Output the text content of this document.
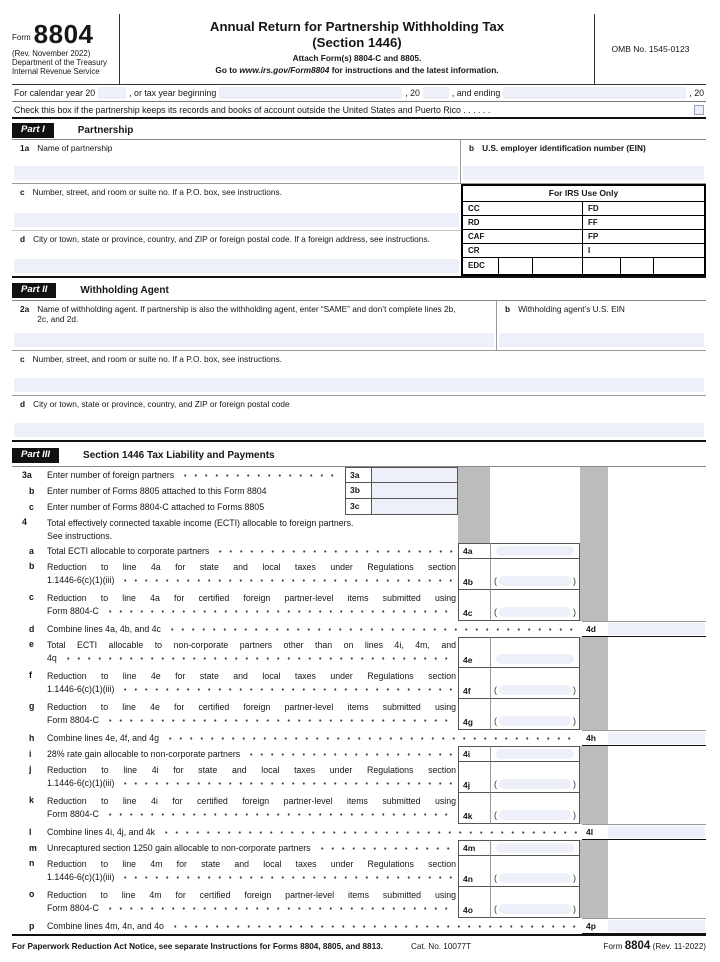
Form 8804
(Rev. November 2022)
Department of the Treasury
Internal Revenue Service
Annual Return for Partnership Withholding Tax
(Section 1446)
Attach Form(s) 8804-C and 8805.
Go to www.irs.gov/Form8804 for instructions and the latest information.
OMB No. 1545-0123
For calendar year 20	, or tax year beginning	, 20	, and ending	, 20
Check this box if the partnership keeps its records and books of account outside the United States and Puerto Rico . . . . . .
Part I	Partnership
1a Name of partnership	b U.S. employer identification number (EIN)
c Number, street, and room or suite no. If a P.O. box, see instructions.
d City or town, state or province, country, and ZIP or foreign postal code. If a foreign address, see instructions.
For IRS Use Only
CC	FD
RD	FF
CAF	FP
CR	I
EDC
Part II	Withholding Agent
2a Name of withholding agent. If partnership is also the withholding agent, enter “SAME” and don’t complete lines 2b, 2c, and 2d.
b Withholding agent’s U.S. EIN
c Number, street, and room or suite no. If a P.O. box, see instructions.
d City or town, state or province, country, and ZIP or foreign postal code
Part III	Section 1446 Tax Liability and Payments
3a	Enter number of foreign partners	3a
b	Enter number of Forms 8805 attached to this Form 8804	3b
c	Enter number of Forms 8804-C attached to Forms 8805	3c
4	Total effectively connected taxable income (ECTI) allocable to foreign partners.
See instructions.
a	Total ECTI allocable to corporate partners	4a
b	Reduction to line 4a for state and local taxes under Regulations section
1.1446-6(c)(1)(iii)	4b	(	)
c	Reduction to line 4a for certified foreign partner-level items submitted using
Form 8804-C	4c	(	)
d	Combine lines 4a, 4b, and 4c	4d
e	Total ECTI allocable to non-corporate partners other than on lines 4i, 4m, and
4q	4e
f	Reduction to line 4e for state and local taxes under Regulations section
1.1446-6(c)(1)(iii)	4f	(	)
g	Reduction to line 4e for certified foreign partner-level items submitted using
Form 8804-C	4g	(	)
h	Combine lines 4e, 4f, and 4g	4h
i	28% rate gain allocable to non-corporate partners	4i
j	Reduction to line 4i for state and local taxes under Regulations section
1.1446-6(c)(1)(iii)	4j	(	)
k	Reduction to line 4i for certified foreign partner-level items submitted using
Form 8804-C	4k	(	)
l	Combine lines 4i, 4j, and 4k	4l
m	Unrecaptured section 1250 gain allocable to non-corporate partners	4m
n	Reduction to line 4m for state and local taxes under Regulations section
1.1446-6(c)(1)(iii)	4n	(	)
o	Reduction to line 4m for certified foreign partner-level items submitted using
Form 8804-C	4o	(	)
p	Combine lines 4m, 4n, and 4o	4p
For Paperwork Reduction Act Notice, see separate Instructions for Forms 8804, 8805, and 8813.	Cat. No. 10077T	Form 8804 (Rev. 11-2022)
